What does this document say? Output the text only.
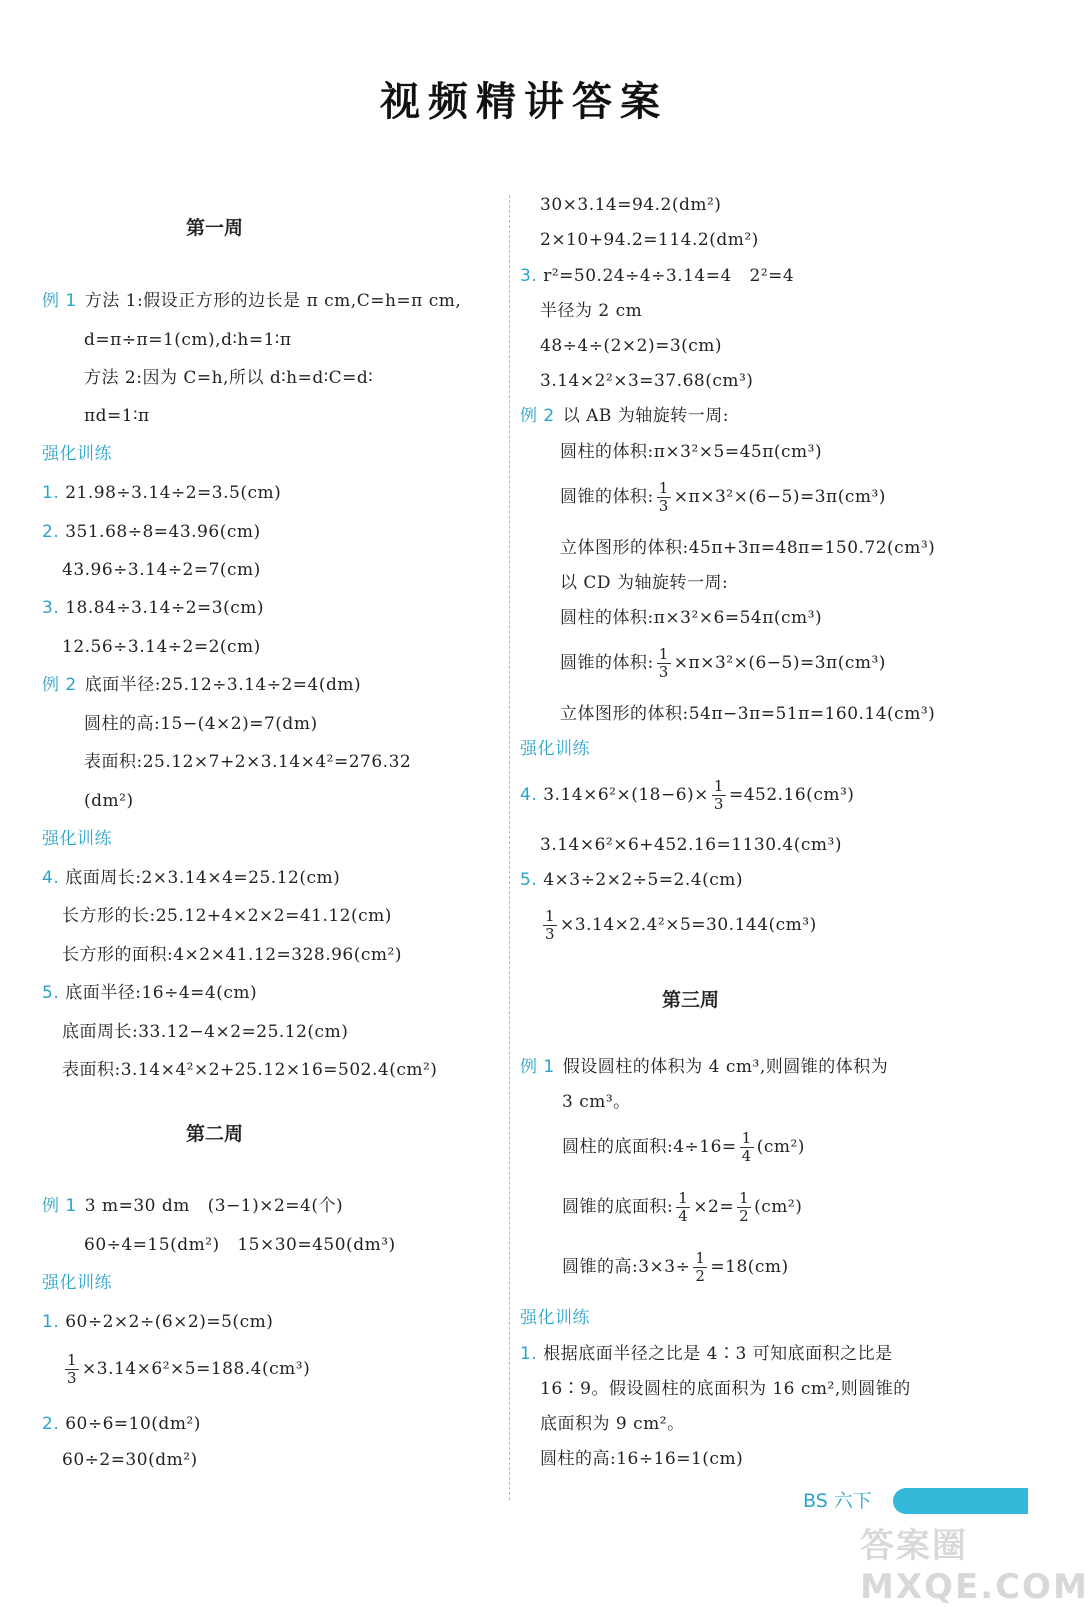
视频精讲答案
第一周
例 1 方法 1:假设正方形的边长是 π cm,C=h=π cm,
d=π÷π=1(cm),d∶h=1∶π
方法 2:因为 C=h,所以 d∶h=d∶C=d∶
πd=1∶π
强化训练
1. 21.98÷3.14÷2=3.5(cm)
2. 351.68÷8=43.96(cm)
43.96÷3.14÷2=7(cm)
3. 18.84÷3.14÷2=3(cm)
12.56÷3.14÷2=2(cm)
例 2 底面半径:25.12÷3.14÷2=4(dm)
圆柱的高:15−(4×2)=7(dm)
表面积:25.12×7+2×3.14×4²=276.32
(dm²)
强化训练
4. 底面周长:2×3.14×4=25.12(cm)
长方形的长:25.12+4×2×2=41.12(cm)
长方形的面积:4×2×41.12=328.96(cm²)
5. 底面半径:16÷4=4(cm)
底面周长:33.12−4×2=25.12(cm)
表面积:3.14×4²×2+25.12×16=502.4(cm²)
第二周
例 1 3 m=30 dm   (3−1)×2=4(个)
60÷4=15(dm²)   15×30=450(dm³)
强化训练
1. 60÷2×2÷(6×2)=5(cm)
$\frac{1}{3} \times 3.14\times 6^2\times 5=188.4(cm^3)$
2. 60÷6=10(dm²)
60÷2=30(dm²)
30×3.14=94.2(dm²)
2×10+94.2=114.2(dm²)
3. r²=50.24÷4÷3.14=4   2²=4
半径为 2 cm
48÷4÷(2×2)=3(cm)
3.14×2²×3=37.68(cm³)
例 2 以 AB 为轴旋转一周:
圆柱的体积:π×3²×5=45π(cm³)
圆锥的体积: $\frac{1}{3} \times\pi\times 3^2\times(6-5)=3\pi(cm^3)$
立体图形的体积:45π+3π=48π=150.72(cm³)
以 CD 为轴旋转一周:
圆柱的体积:π×3²×6=54π(cm³)
圆锥的体积: $\frac{1}{3} \times\pi\times 3^2\times(6-5)=3\pi(cm^3)$
立体图形的体积:54π−3π=51π=160.14(cm³)
强化训练
4. $3.14\times 6^2\times(18-6)\times \frac{1}{3} =452.16(cm^3)$
3.14×6²×6+452.16=1130.4(cm³)
5. 4×3÷2×2÷5=2.4(cm)
$\frac{1}{3} \times 3.14\times 2.4^2\times 5=30.144(cm^3)$
第三周
例 1 假设圆柱的体积为 4 cm³,则圆锥的体积为
3 cm³。
圆柱的底面积:4÷16= $\frac{1}{4} (cm^2)$
圆锥的底面积: $\frac{1}{4} \times 2= \frac{1}{2} (cm^2)$
圆锥的高:3×3÷ $\frac{1}{2} =18(cm)$
强化训练
1. 根据底面半径之比是 4∶3 可知底面积之比是
16∶9。假设圆柱的底面积为 16 cm²,则圆锥的
底面积为 9 cm²。
圆柱的高:16÷16=1(cm)
BS 六下
答案圈 MXQE.COM
